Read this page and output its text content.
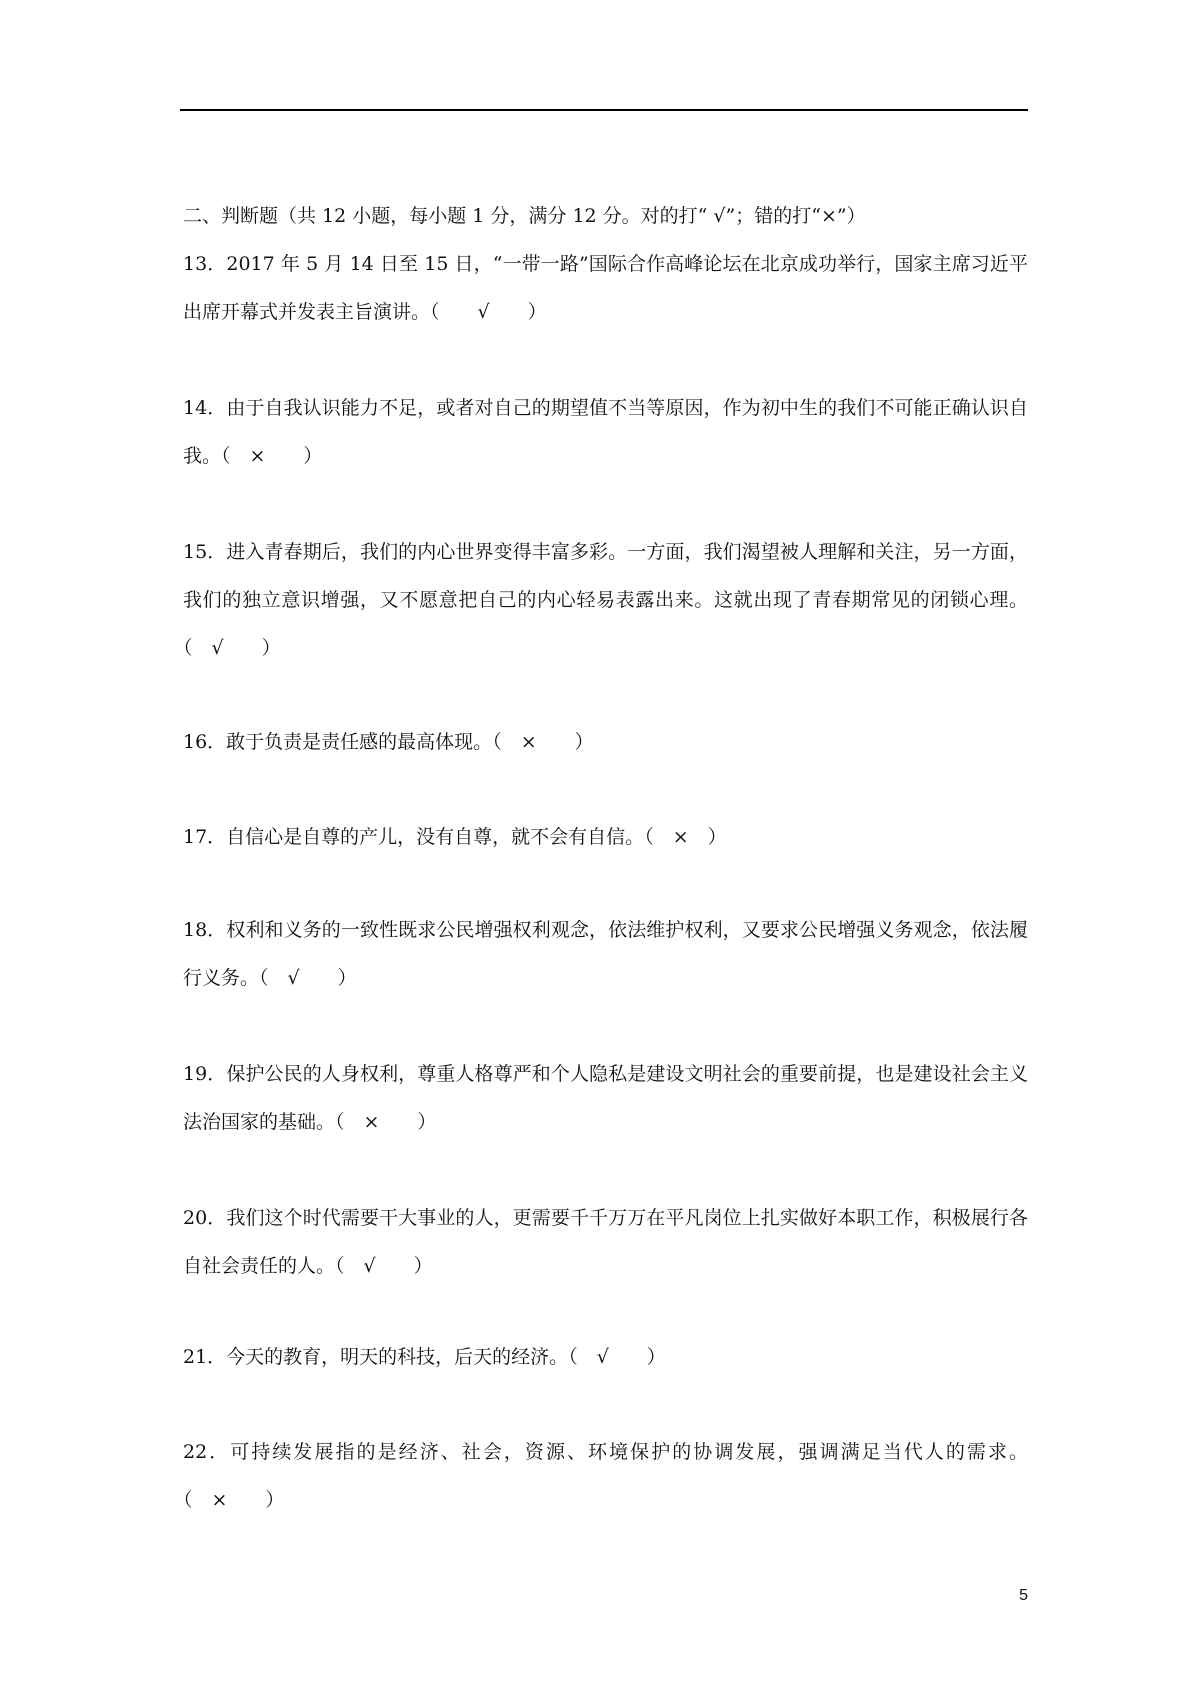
二、判断题（共 12 小题，每小题 1 分，满分 12 分。对的打“ √”；错的打“×”）
13．2017 年 5 月 14 日至 15 日，“一带一路”国际合作高峰论坛在北京成功举行，国家主席习近平出席开幕式并发表主旨演讲。（　　√　　）
14．由于自我认识能力不足，或者对自己的期望值不当等原因，作为初中生的我们不可能正确认识自我。（　×　　）
15．进入青春期后，我们的内心世界变得丰富多彩。一方面，我们渴望被人理解和关注，另一方面，我们的独立意识增强，又不愿意把自己的内心轻易表露出来。这就出现了青春期常见的闭锁心理。（　√　　）
16．敢于负责是责任感的最高体现。（　×　　）
17．自信心是自尊的产儿，没有自尊，就不会有自信。（　×　）
18．权利和义务的一致性既求公民增强权利观念，依法维护权利，又要求公民增强义务观念，依法履行义务。（　√　　）
19．保护公民的人身权利，尊重人格尊严和个人隐私是建设文明社会的重要前提，也是建设社会主义法治国家的基础。（　×　　）
20．我们这个时代需要干大事业的人，更需要千千万万在平凡岗位上扎实做好本职工作，积极展行各自社会责任的人。（　√　　）
21．今天的教育，明天的科技，后天的经济。（　√　　）
22．可持续发展指的是经济、社会，资源、环境保护的协调发展，强调满足当代人的需求。（　×　　）
5
